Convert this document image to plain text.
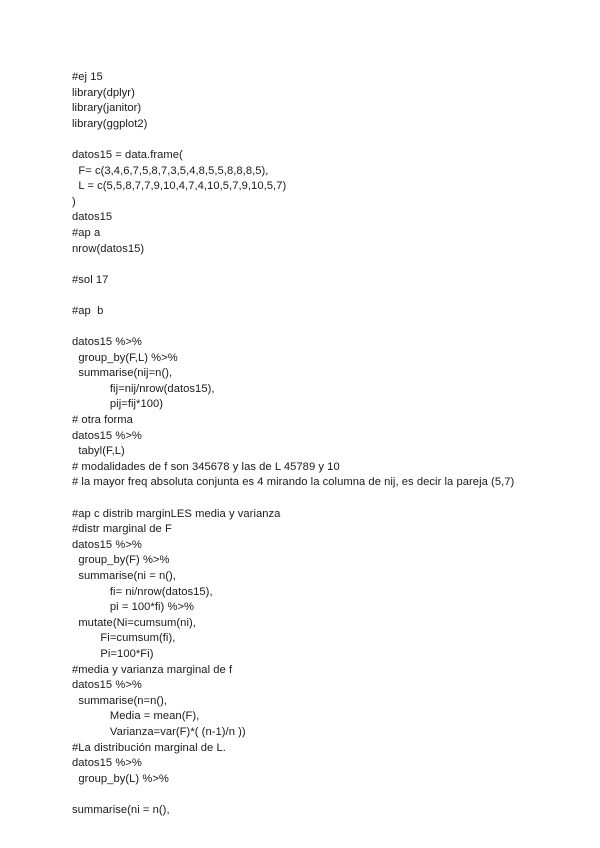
#ej 15
library(dplyr)
library(janitor)
library(ggplot2)
datos15 = data.frame(
F= c(3,4,6,7,5,8,7,3,5,4,8,5,5,8,8,8,5),
L = c(5,5,8,7,7,9,10,4,7,4,10,5,7,9,10,5,7)
)
datos15
#ap a
nrow(datos15)
#sol 17
#ap  b
datos15 %>%
group_by(F,L) %>%
summarise(nij=n(),
fij=nij/nrow(datos15),
pij=fij*100)
# otra forma
datos15 %>%
tabyl(F,L)
# modalidades de f son 345678 y las de L 45789 y 10
# la mayor freq absoluta conjunta es 4 mirando la columna de nij, es decir la pareja (5,7)
#ap c distrib marginLES media y varianza
#distr marginal de F
datos15 %>%
group_by(F) %>%
summarise(ni = n(),
fi= ni/nrow(datos15),
pi = 100*fi) %>%
mutate(Ni=cumsum(ni),
Fi=cumsum(fi),
Pi=100*Fi)
#media y varianza marginal de f
datos15 %>%
summarise(n=n(),
Media = mean(F),
Varianza=var(F)*( (n-1)/n ))
#La distribución marginal de L.
datos15 %>%
group_by(L) %>%
summarise(ni = n(),
